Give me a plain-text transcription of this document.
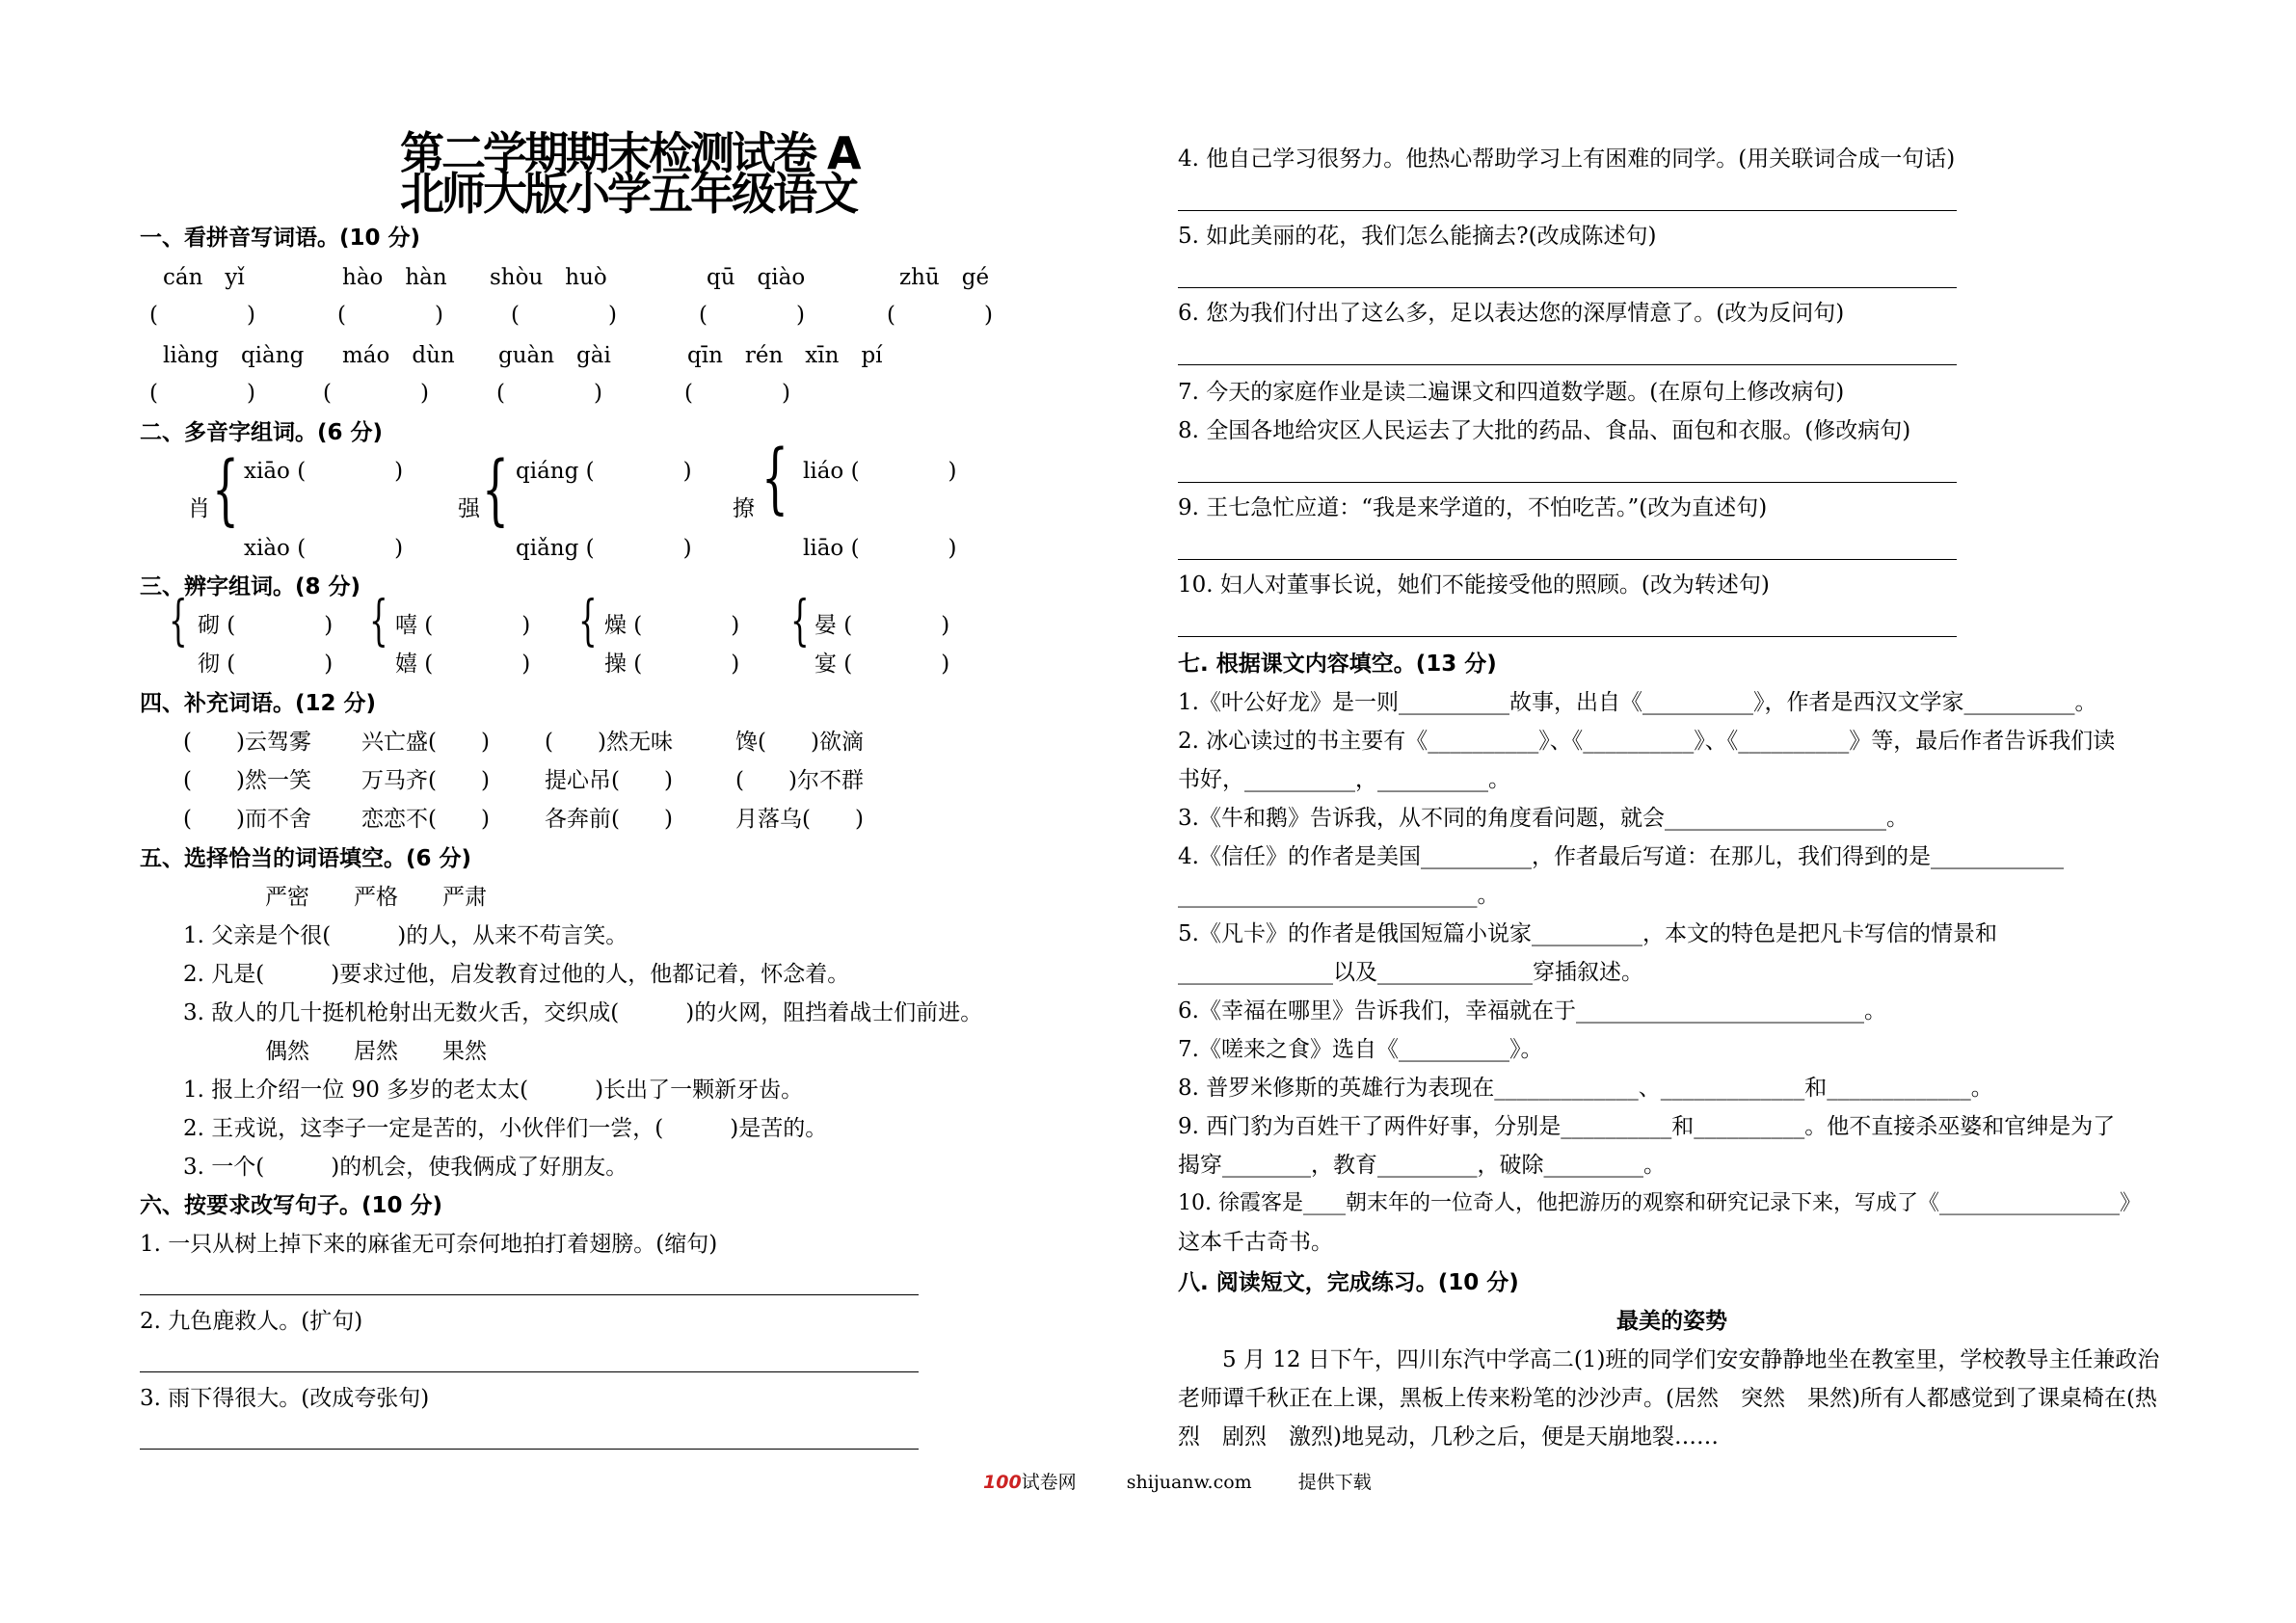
第二学期期末检测试卷 A
北师大版小学五年级语文
一、看拼音写词语。(10 分)
cán　yǐ	hào　hàn shòu　huò	qū　qiào	zhū　gé
(　　　　)	(　　　　)	(　　　　)	(　　　　)	(　　　　)
liàng　qiàng máo　dùn guàn　gài	qīn　rén　xīn　pí
(　　　　)	(　　　　)	(　　　　)	(　　　　)
二、多音字组词。(6 分)
肖 { xiāo (　　　　)
xiào (　　　　)
强 { qiáng (　　　　)
qiǎng (　　　　)
撩 { liáo (　　　　)
liāo (　　　　)
三、辨字组词。(8 分)
{ 砌 (　　　　)
彻 (　　　　)
{ 嘻 (　　　　)
嬉 (　　　　)
{ 燥 (　　　　)
操 (　　　　)
{ 晏 (　　　　)
宴 (　　　　)
四、补充词语。(12 分)
(　　)云驾雾 兴亡盛(　　) (　　)然无味	馋(　　)欲滴
(　　)然一笑 万马齐(　　) 提心吊(　　)	(　　)尔不群
(　　)而不舍 恋恋不(　　) 各奔前(　　)	月落乌(　　)
五、选择恰当的词语填空。(6 分)
严密　　严格　　严肃
1. 父亲是个很(　　　)的人，从来不苟言笑。
2. 凡是(　　　)要求过他，启发教育过他的人，他都记着，怀念着。
3. 敌人的几十挺机枪射出无数火舌，交织成(　　　)的火网，阻挡着战士们前进。
偶然　　居然　　果然
1. 报上介绍一位 90 多岁的老太太(　　　)长出了一颗新牙齿。
2. 王戎说，这李子一定是苦的，小伙伴们一尝，(　　　)是苦的。
3. 一个(　　　)的机会，使我俩成了好朋友。
六、按要求改写句子。(10 分)
1. 一只从树上掉下来的麻雀无可奈何地拍打着翅膀。(缩句)
2. 九色鹿救人。(扩句)
3. 雨下得很大。(改成夸张句)
4. 他自己学习很努力。他热心帮助学习上有困难的同学。(用关联词合成一句话)
5. 如此美丽的花，我们怎么能摘去?(改成陈述句)
6. 您为我们付出了这么多，足以表达您的深厚情意了。(改为反问句)
7. 今天的家庭作业是读二遍课文和四道数学题。(在原句上修改病句)
8. 全国各地给灾区人民运去了大批的药品、食品、面包和衣服。(修改病句)
9. 王七急忙应道：“我是来学道的，不怕吃苦。”(改为直述句)
10. 妇人对董事长说，她们不能接受他的照顾。(改为转述句)
七. 根据课文内容填空。(13 分)
1.《叶公好龙》是一则__________故事，出自《__________》，作者是西汉文学家__________。
2. 冰心读过的书主要有《__________》、《__________》、《__________》等，最后作者告诉我们读
书好，__________，__________。
3.《牛和鹅》告诉我，从不同的角度看问题，就会____________________。
4.《信任》的作者是美国__________，作者最后写道：在那儿，我们得到的是____________
___________________________。
5.《凡卡》的作者是俄国短篇小说家__________，本文的特色是把凡卡写信的情景和
______________以及______________穿插叙述。
6.《幸福在哪里》告诉我们，幸福就在于__________________________。
7.《嗟来之食》选自《__________》。
8. 普罗米修斯的英雄行为表现在_____________、_____________和_____________。
9. 西门豹为百姓干了两件好事，分别是__________和__________。他不直接杀巫婆和官绅是为了
揭穿________，教育_________，破除_________。
10. 徐霞客是____朝末年的一位奇人，他把游历的观察和研究记录下来，写成了《_________________》
这本千古奇书。
八. 阅读短文，完成练习。(10 分)
最美的姿势
　　5 月 12 日下午，四川东汽中学高二(1)班的同学们安安静静地坐在教室里，学校教导主任兼政治老师谭千秋正在上课，黑板上传来粉笔的沙沙声。(居然　突然　果然)所有人都感觉到了课桌椅在(热烈　剧烈　激烈)地晃动，几秒之后，便是天崩地裂……
100试卷网	shijuanw.com	提供下载
